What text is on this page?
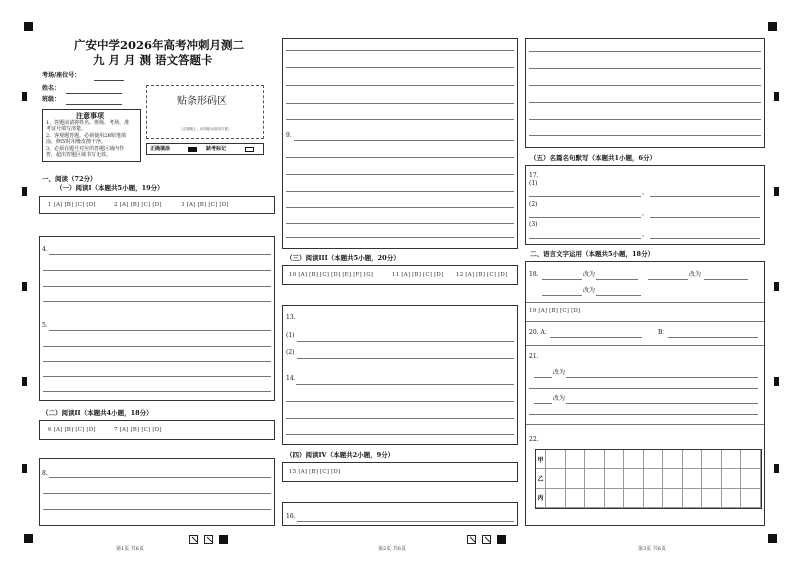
广安中学2026年高考冲刺月测二
九 月 月 测 语文答题卡
考场/座位号：
姓名：
班级：
注意事项
1、答题前请将姓名、班级、考场、准
考证号填写清楚。
2、客观题答题，必须使用2B铅笔填
涂，修改时用橡皮擦干净。
3、必须在题号对应的答题区域内作
答，超出答题区域书写无效。
贴条形码区
（正面朝上，切勿贴出虚线方框）
正确填涂	缺考标记
一、阅读（72分）
（一）阅读I（本题共5小题，19分）
1 [A] [B] [C] [D]	2 [A] [B] [C] [D]	3 [A] [B] [C] [D]
4.
5.
（二）阅读II（本题共4小题，18分）
6 [A] [B] [C] [D]	7 [A] [B] [C] [D]
8.
第1页 共6页
9.
（三）阅读III（本题共5小题，20分）
10 [A] [B] [C] [D] [E] [F] [G]	11 [A] [B] [C] [D] 12 [A] [B] [C] [D]
13.
(1)
(2)
14.
（四）阅读IV（本题共2小题，9分）
15 [A] [B] [C] [D]
16.
第2页 共6页
（五）名篇名句默写（本题共1小题，6分）
17.
(1)
，
(2)
，
(3)
，
二、语言文字运用（本题共5小题，18分）
18.	改为	改为
改为
19 [A] [B] [C] [D]
20. A：	B：
21.
改为
改为
22.
甲
乙
丙
第3页 共6页
